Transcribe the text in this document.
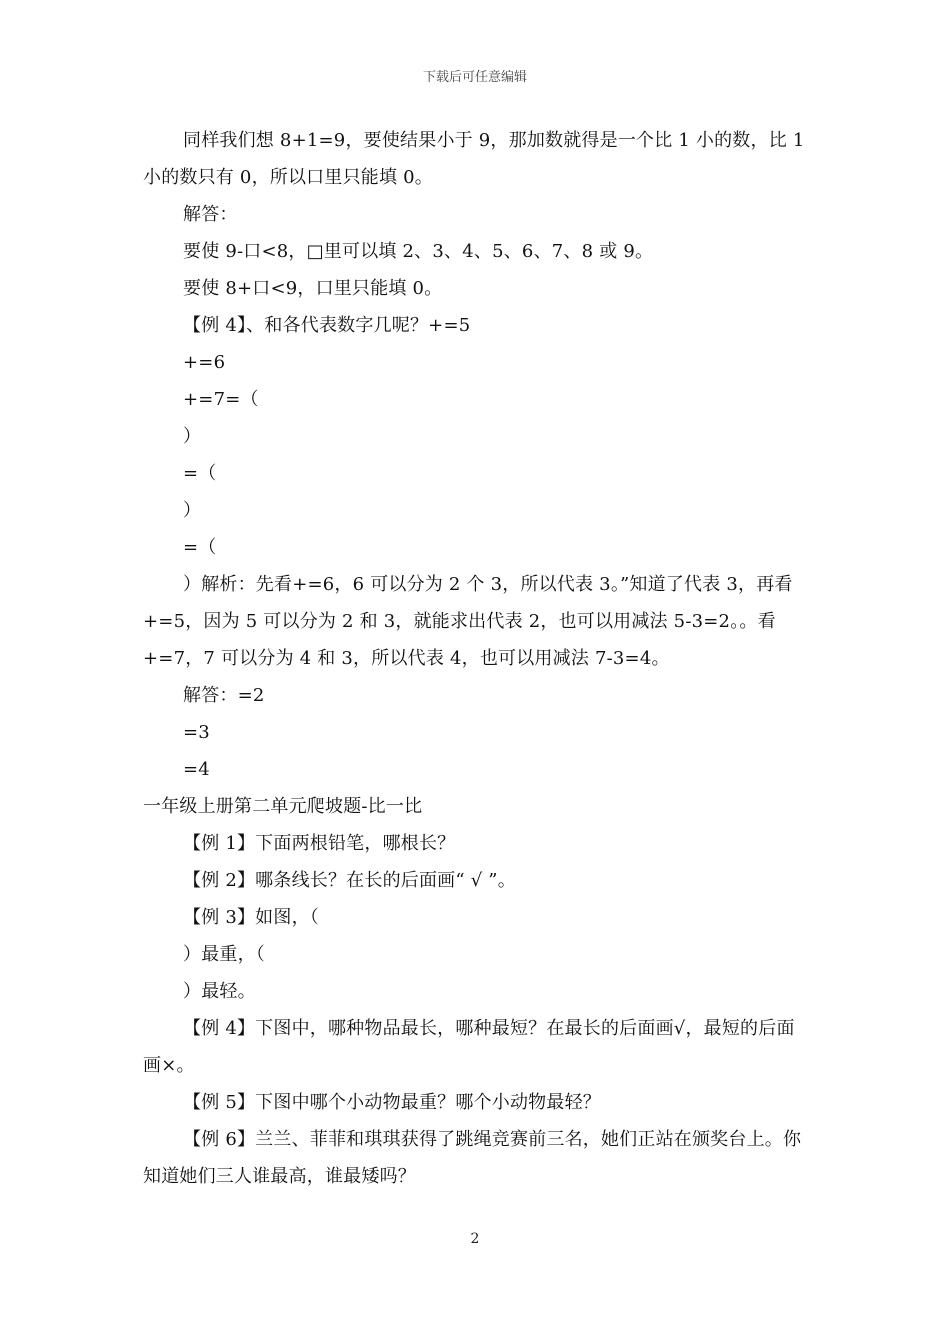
下载后可任意编辑

同样我们想 8+1=9，要使结果小于 9，那加数就得是一个比 1 小的数，比 1 小的数只有 0，所以口里只能填 0。

解答：

要使 9-口<8，□里可以填 2、3、4、5、6、7、8 或 9。

要使 8+口<9，口里只能填 0。

【例 4】、和各代表数字几呢？+=5

+=6

+=7=（

）

=（

）

=（

）解析：先看+=6，6 可以分为 2 个 3，所以代表 3。”知道了代表 3，再看+=5，因为 5 可以分为 2 和 3，就能求出代表 2，也可以用减法 5-3=2。。看+=7，7 可以分为 4 和 3，所以代表 4，也可以用减法 7-3=4。

解答：=2

=3

=4

一年级上册第二单元爬坡题-比一比

【例 1】下面两根铅笔，哪根长？

【例 2】哪条线长？在长的后面画“ √ ”。

【例 3】如图，（

）最重，（

）最轻。

【例 4】下图中，哪种物品最长，哪种最短？在最长的后面画√，最短的后面画×。

【例 5】下图中哪个小动物最重？哪个小动物最轻？

【例 6】兰兰、菲菲和琪琪获得了跳绳竞赛前三名，她们正站在颁奖台上。你知道她们三人谁最高，谁最矮吗？

2
